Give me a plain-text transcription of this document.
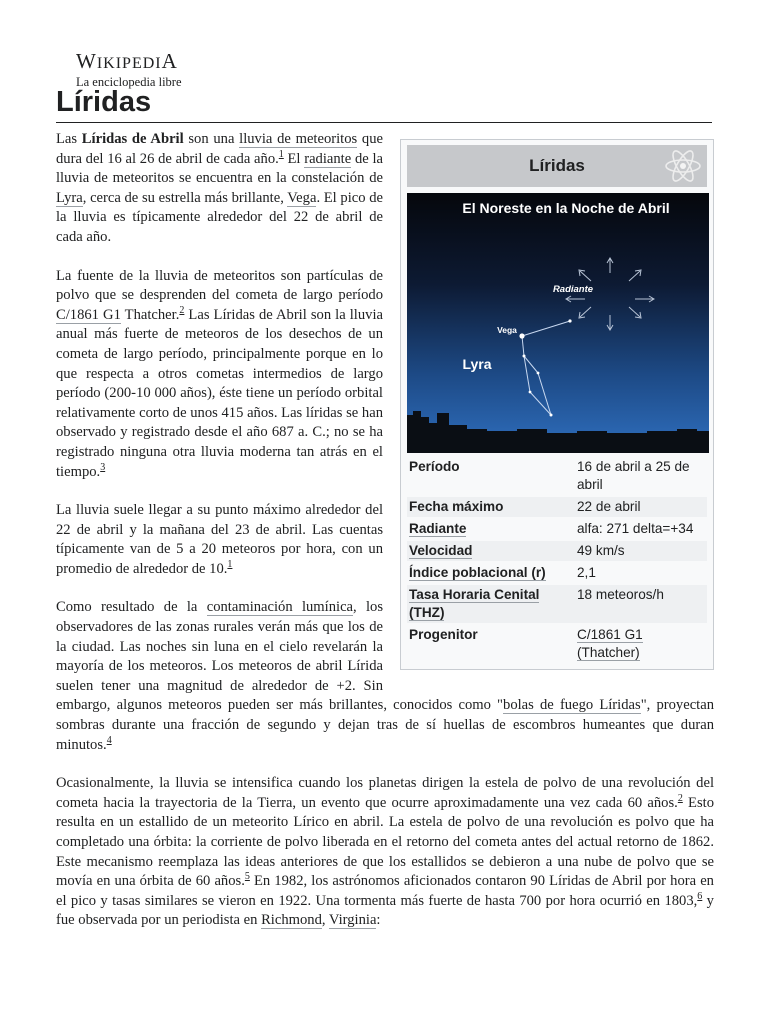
WIKIPEDIA
La enciclopedia libre
Líridas
Líridas
El Noreste en la Noche de Abril
Radiante
Vega
Lyra
Período	16 de abril a 25 de abril
Fecha máximo	22 de abril
Radiante	alfa: 271 delta=+34
Velocidad	49 km/s
Índice poblacional (r)	2,1
Tasa Horaria Cenital (THZ)	18 meteoros/h
Progenitor	C/1861 G1 (Thatcher)

Las Líridas de Abril son una lluvia de meteoritos que dura del 16 al 26 de abril de cada año.$^1$ El radiante de la lluvia de meteoritos se encuentra en la constelación de Lyra, cerca de su estrella más brillante, Vega. El pico de la lluvia es típicamente alrededor del 22 de abril de cada año.

La fuente de la lluvia de meteoritos son partículas de polvo que se desprenden del cometa de largo período C/1861 G1 Thatcher.$^2$ Las Líridas de Abril son la lluvia anual más fuerte de meteoros de los desechos de un cometa de largo período, principalmente porque en lo que respecta a otros cometas intermedios de largo período (200-10 000 años), éste tiene un período orbital relativamente corto de unos 415 años. Las líridas se han observado y registrado desde el año 687 a. C.; no se ha registrado ninguna otra lluvia moderna tan atrás en el tiempo.$^3$

La lluvia suele llegar a su punto máximo alrededor del 22 de abril y la mañana del 23 de abril. Las cuentas típicamente van de 5 a 20 meteoros por hora, con un promedio de alrededor de 10.$^1$

Como resultado de la contaminación lumínica, los observadores de las zonas rurales verán más que los de la ciudad. Las noches sin luna en el cielo revelarán la mayoría de los meteoros. Los meteoros de abril Lírida suelen tener una magnitud de alrededor de +2. Sin embargo, algunos meteoros pueden ser más brillantes, conocidos como "bolas de fuego Líridas", proyectan sombras durante una fracción de segundo y dejan tras de sí huellas de escombros humeantes que duran minutos.$^4$

Ocasionalmente, la lluvia se intensifica cuando los planetas dirigen la estela de polvo de una revolución del cometa hacia la trayectoria de la Tierra, un evento que ocurre aproximadamente una vez cada 60 años.$^2$ Esto resulta en un estallido de un meteorito Lírico en abril. La estela de polvo de una revolución es polvo que ha completado una órbita: la corriente de polvo liberada en el retorno del cometa antes del actual retorno de 1862. Este mecanismo reemplaza las ideas anteriores de que los estallidos se debieron a una nube de polvo que se movía en una órbita de 60 años.$^5$ En 1982, los astrónomos aficionados contaron 90 Líridas de Abril por hora en el pico y tasas similares se vieron en 1922. Una tormenta más fuerte de hasta 700 por hora ocurrió en 1803,$^6$ y fue observada por un periodista en Richmond, Virginia:
